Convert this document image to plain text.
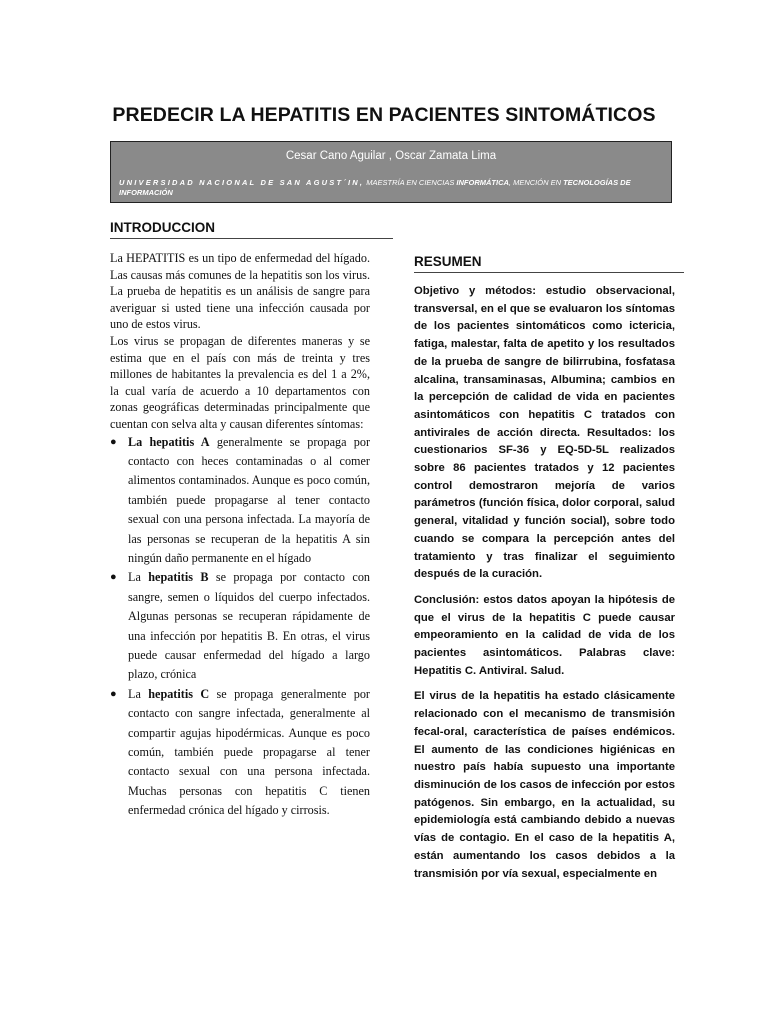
PREDECIR LA HEPATITIS EN PACIENTES SINTOMÁTICOS
Cesar Cano Aguilar , Oscar Zamata Lima
UNIVERSIDAD NACIONAL DE SAN AGUST´IN, MAESTRÍA EN CIENCIAS INFORMÁTICA, MENCIÓN EN TECNOLOGÍAS DE INFORMACIÓN
INTRODUCCION

La HEPATITIS es un tipo de enfermedad del hígado. Las causas más comunes de la hepatitis son los virus. La prueba de hepatitis es un análisis de sangre para averiguar si usted tiene una infección causada por uno de estos virus.

Los virus se propagan de diferentes maneras y se estima que en el país con más de treinta y tres millones de habitantes la prevalencia es del 1 a 2%, la cual varía de acuerdo a 10 departamentos con zonas geográficas determinadas principalmente que cuentan con selva alta y causan diferentes síntomas:

● La hepatitis A generalmente se propaga por contacto con heces contaminadas o al comer alimentos contaminados. Aunque es poco común, también puede propagarse al tener contacto sexual con una persona infectada. La mayoría de las personas se recuperan de la hepatitis A sin ningún daño permanente en el hígado
● La hepatitis B se propaga por contacto con sangre, semen o líquidos del cuerpo infectados. Algunas personas se recuperan rápidamente de una infección por hepatitis B. En otras, el virus puede causar enfermedad del hígado a largo plazo, crónica
● La hepatitis C se propaga generalmente por contacto con sangre infectada, generalmente al compartir agujas hipodérmicas. Aunque es poco común, también puede propagarse al tener contacto sexual con una persona infectada. Muchas personas con hepatitis C tienen enfermedad crónica del hígado y cirrosis.
RESUMEN

Objetivo y métodos: estudio observacional, transversal, en el que se evaluaron los síntomas de los pacientes sintomáticos como ictericia, fatiga, malestar, falta de apetito y los resultados de la prueba de sangre de bilirrubina, fosfatasa alcalina, transaminasas, Albumina; cambios en la percepción de calidad de vida en pacientes asintomáticos con hepatitis C tratados con antivirales de acción directa. Resultados: los cuestionarios SF-36 y EQ-5D-5L realizados sobre 86 pacientes tratados y 12 pacientes control demostraron mejoría de varios parámetros (función física, dolor corporal, salud general, vitalidad y función social), sobre todo cuando se compara la percepción antes del tratamiento y tras finalizar el seguimiento después de la curación.

Conclusión: estos datos apoyan la hipótesis de que el virus de la hepatitis C puede causar empeoramiento en la calidad de vida de los pacientes asintomáticos. Palabras clave: Hepatitis C. Antiviral. Salud.

El virus de la hepatitis ha estado clásicamente relacionado con el mecanismo de transmisión fecal-oral, característica de países endémicos. El aumento de las condiciones higiénicas en nuestro país había supuesto una importante disminución de los casos de infección por estos patógenos. Sin embargo, en la actualidad, su epidemiología está cambiando debido a nuevas vías de contagio. En el caso de la hepatitis A, están aumentando los casos debidos a la transmisión por vía sexual, especialmente en
